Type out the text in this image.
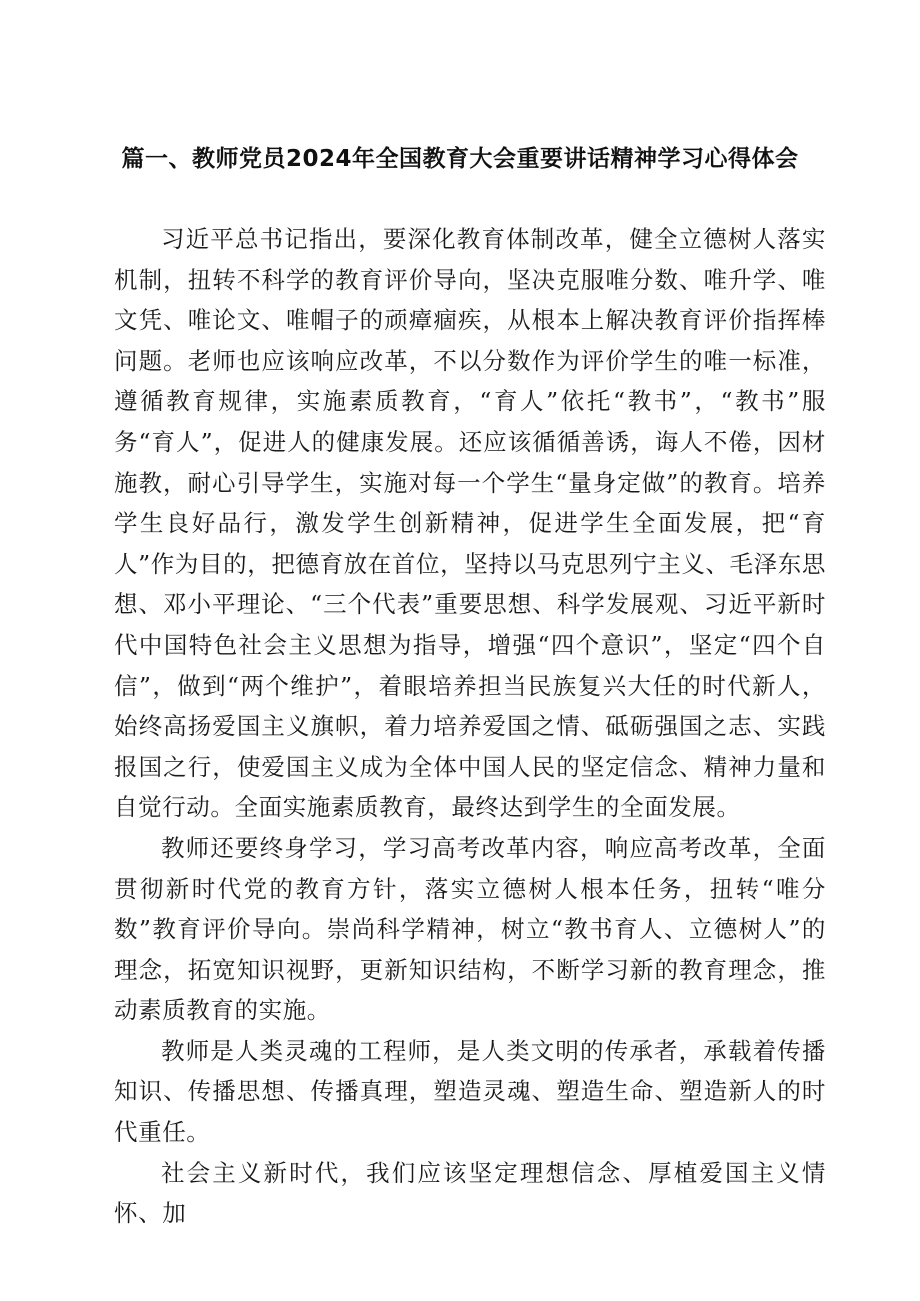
篇一、教师党员2024年全国教育大会重要讲话精神学习心得体会

习近平总书记指出，要深化教育体制改革，健全立德树人落实机制，扭转不科学的教育评价导向，坚决克服唯分数、唯升学、唯文凭、唯论文、唯帽子的顽瘴痼疾，从根本上解决教育评价指挥棒问题。老师也应该响应改革，不以分数作为评价学生的唯一标准，遵循教育规律，实施素质教育，“育人”依托“教书”，“教书”服务“育人”，促进人的健康发展。还应该循循善诱，诲人不倦，因材施教，耐心引导学生，实施对每一个学生“量身定做”的教育。培养学生良好品行，激发学生创新精神，促进学生全面发展，把“育人”作为目的，把德育放在首位，坚持以马克思列宁主义、毛泽东思想、邓小平理论、“三个代表”重要思想、科学发展观、习近平新时代中国特色社会主义思想为指导，增强“四个意识”，坚定“四个自信”，做到“两个维护”，着眼培养担当民族复兴大任的时代新人，始终高扬爱国主义旗帜，着力培养爱国之情、砥砺强国之志、实践报国之行，使爱国主义成为全体中国人民的坚定信念、精神力量和自觉行动。全面实施素质教育，最终达到学生的全面发展。

教师还要终身学习，学习高考改革内容，响应高考改革，全面贯彻新时代党的教育方针，落实立德树人根本任务，扭转“唯分数”教育评价导向。崇尚科学精神，树立“教书育人、立德树人”的理念，拓宽知识视野，更新知识结构，不断学习新的教育理念，推动素质教育的实施。

教师是人类灵魂的工程师，是人类文明的传承者，承载着传播知识、传播思想、传播真理，塑造灵魂、塑造生命、塑造新人的时代重任。

社会主义新时代，我们应该坚定理想信念、厚植爱国主义情怀、加
